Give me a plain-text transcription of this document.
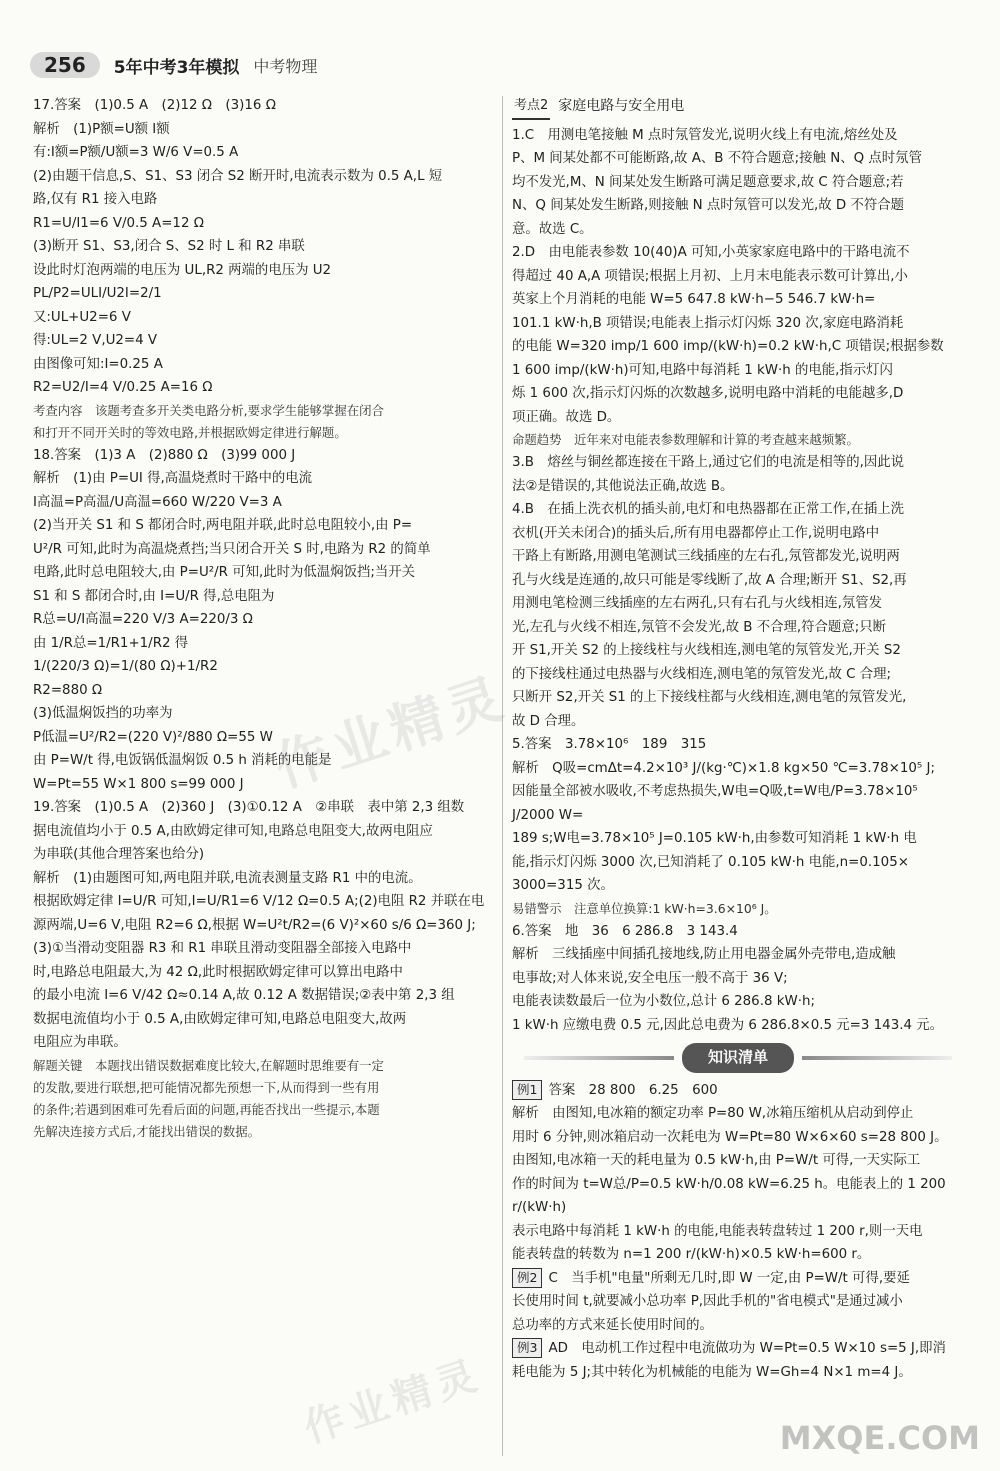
256	5年中考3年模拟 中考物理
17.答案　(1)0.5 A　(2)12 Ω　(3)16 Ω
解析　(1)P额=U额 I额
有:I额=P额/U额=3 W/6 V=0.5 A
(2)由题干信息,S、S1、S3 闭合 S2 断开时,电流表示数为 0.5 A,L 短
路,仅有 R1 接入电路
R1=U/I1=6 V/0.5 A=12 Ω
(3)断开 S1、S3,闭合 S、S2 时 L 和 R2 串联
设此时灯泡两端的电压为 UL,R2 两端的电压为 U2
PL/P2=ULI/U2I=2/1
又:UL+U2=6 V
得:UL=2 V,U2=4 V
由图像可知:I=0.25 A
R2=U2/I=4 V/0.25 A=16 Ω
考查内容　该题考查多开关类电路分析,要求学生能够掌握在闭合
和打开不同开关时的等效电路,并根据欧姆定律进行解题。
18.答案　(1)3 A　(2)880 Ω　(3)99 000 J
解析　(1)由 P=UI 得,高温烧煮时干路中的电流
I高温=P高温/U高温=660 W/220 V=3 A
(2)当开关 S1 和 S 都闭合时,两电阻并联,此时总电阻较小,由 P=
U²/R 可知,此时为高温烧煮挡;当只闭合开关 S 时,电路为 R2 的简单
电路,此时总电阻较大,由 P=U²/R 可知,此时为低温焖饭挡;当开关
S1 和 S 都闭合时,由 I=U/R 得,总电阻为
R总=U/I高温=220 V/3 A=220/3 Ω
由 1/R总=1/R1+1/R2 得
1/(220/3 Ω)=1/(80 Ω)+1/R2
R2=880 Ω
(3)低温焖饭挡的功率为
P低温=U²/R2=(220 V)²/880 Ω=55 W
由 P=W/t 得,电饭锅低温焖饭 0.5 h 消耗的电能是
W=Pt=55 W×1 800 s=99 000 J
19.答案　(1)0.5 A　(2)360 J　(3)①0.12 A　②串联　表中第 2,3 组数
据电流值均小于 0.5 A,由欧姆定律可知,电路总电阻变大,故两电阻应
为串联(其他合理答案也给分)
解析　(1)由题图可知,两电阻并联,电流表测量支路 R1 中的电流。
根据欧姆定律 I=U/R 可知,I=U/R1=6 V/12 Ω=0.5 A;(2)电阻 R2 并联在电
源两端,U=6 V,电阻 R2=6 Ω,根据 W=U²t/R2=(6 V)²×60 s/6 Ω=360 J;
(3)①当滑动变阻器 R3 和 R1 串联且滑动变阻器全部接入电路中
时,电路总电阻最大,为 42 Ω,此时根据欧姆定律可以算出电路中
的最小电流 I=6 V/42 Ω≈0.14 A,故 0.12 A 数据错误;②表中第 2,3 组
数据电流值均小于 0.5 A,由欧姆定律可知,电路总电阻变大,故两
电阻应为串联。
解题关键　本题找出错误数据难度比较大,在解题时思维要有一定
的发散,要进行联想,把可能情况都先预想一下,从而得到一些有用
的条件;若遇到困难可先看后面的问题,再能否找出一些提示,本题
先解决连接方式后,才能找出错误的数据。
考点2 家庭电路与安全用电
1.C　用测电笔接触 M 点时氖管发光,说明火线上有电流,熔丝处及
P、M 间某处都不可能断路,故 A、B 不符合题意;接触 N、Q 点时氖管
均不发光,M、N 间某处发生断路可满足题意要求,故 C 符合题意;若
N、Q 间某处发生断路,则接触 N 点时氖管可以发光,故 D 不符合题
意。故选 C。
2.D　由电能表参数 10(40)A 可知,小英家家庭电路中的干路电流不
得超过 40 A,A 项错误;根据上月初、上月末电能表示数可计算出,小
英家上个月消耗的电能 W=5 647.8 kW·h−5 546.7 kW·h=
101.1 kW·h,B 项错误;电能表上指示灯闪烁 320 次,家庭电路消耗
的电能 W=320 imp/1 600 imp/(kW·h)=0.2 kW·h,C 项错误;根据参数
1 600 imp/(kW·h)可知,电路中每消耗 1 kW·h 的电能,指示灯闪
烁 1 600 次,指示灯闪烁的次数越多,说明电路中消耗的电能越多,D
项正确。故选 D。
命题趋势　近年来对电能表参数理解和计算的考查越来越频繁。
3.B　熔丝与铜丝都连接在干路上,通过它们的电流是相等的,因此说
法②是错误的,其他说法正确,故选 B。
4.B　在插上洗衣机的插头前,电灯和电热器都在正常工作,在插上洗
衣机(开关未闭合)的插头后,所有用电器都停止工作,说明电路中
干路上有断路,用测电笔测试三线插座的左右孔,氖管都发光,说明两
孔与火线是连通的,故只可能是零线断了,故 A 合理;断开 S1、S2,再
用测电笔检测三线插座的左右两孔,只有右孔与火线相连,氖管发
光,左孔与火线不相连,氖管不会发光,故 B 不合理,符合题意;只断
开 S1,开关 S2 的上接线柱与火线相连,测电笔的氖管发光,开关 S2
的下接线柱通过电热器与火线相连,测电笔的氖管发光,故 C 合理;
只断开 S2,开关 S1 的上下接线柱都与火线相连,测电笔的氖管发光,
故 D 合理。
5.答案　3.78×10⁶　189　315
解析　Q吸=cmΔt=4.2×10³ J/(kg·℃)×1.8 kg×50 ℃=3.78×10⁵ J;
因能量全部被水吸收,不考虑热损失,W电=Q吸,t=W电/P=3.78×10⁵ J/2000 W=
189 s;W电=3.78×10⁵ J=0.105 kW·h,由参数可知消耗 1 kW·h 电
能,指示灯闪烁 3000 次,已知消耗了 0.105 kW·h 电能,n=0.105×
3000=315 次。
易错警示　注意单位换算:1 kW·h=3.6×10⁶ J。
6.答案　地　36　6 286.8　3 143.4
解析　三线插座中间插孔接地线,防止用电器金属外壳带电,造成触
电事故;对人体来说,安全电压一般不高于 36 V;
电能表读数最后一位为小数位,总计 6 286.8 kW·h;
1 kW·h 应缴电费 0.5 元,因此总电费为 6 286.8×0.5 元=3 143.4 元。
知识清单
例1 答案　28 800　6.25　600
解析　由图知,电冰箱的额定功率 P=80 W,冰箱压缩机从启动到停止
用时 6 分钟,则冰箱启动一次耗电为 W=Pt=80 W×6×60 s=28 800 J。
由图知,电冰箱一天的耗电量为 0.5 kW·h,由 P=W/t 可得,一天实际工
作的时间为 t=W总/P=0.5 kW·h/0.08 kW=6.25 h。电能表上的 1 200 r/(kW·h)
表示电路中每消耗 1 kW·h 的电能,电能表转盘转过 1 200 r,则一天电
能表转盘的转数为 n=1 200 r/(kW·h)×0.5 kW·h=600 r。
例2 C　当手机"电量"所剩无几时,即 W 一定,由 P=W/t 可得,要延
长使用时间 t,就要减小总功率 P,因此手机的"省电模式"是通过减小
总功率的方式来延长使用时间的。
例3 AD　电动机工作过程中电流做功为 W=Pt=0.5 W×10 s=5 J,即消
耗电能为 5 J;其中转化为机械能的电能为 W=Gh=4 N×1 m=4 J。
作业精灵
作业精灵	MXQE.COM
